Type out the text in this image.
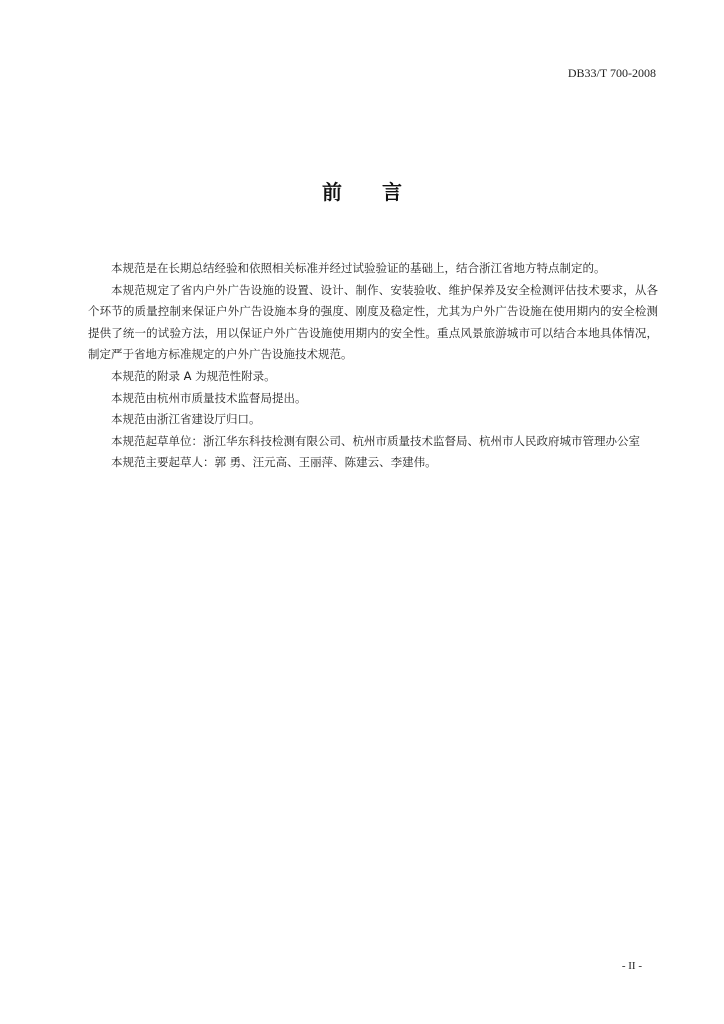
DB33/T 700-2008
前 言

本规范是在长期总结经验和依照相关标准并经过试验验证的基础上，结合浙江省地方特点制定的。

本规范规定了省内户外广告设施的设置、设计、制作、安装验收、维护保养及安全检测评估技术要求，从各个环节的质量控制来保证户外广告设施本身的强度、刚度及稳定性，尤其为户外广告设施在使用期内的安全检测提供了统一的试验方法，用以保证户外广告设施使用期内的安全性。重点风景旅游城市可以结合本地具体情况，制定严于省地方标准规定的户外广告设施技术规范。

本规范的附录 A 为规范性附录。

本规范由杭州市质量技术监督局提出。

本规范由浙江省建设厅归口。

本规范起草单位：浙江华东科技检测有限公司、杭州市质量技术监督局、杭州市人民政府城市管理办公室

本规范主要起草人：郭 勇、汪元高、王丽萍、陈建云、李建伟。

- II -
